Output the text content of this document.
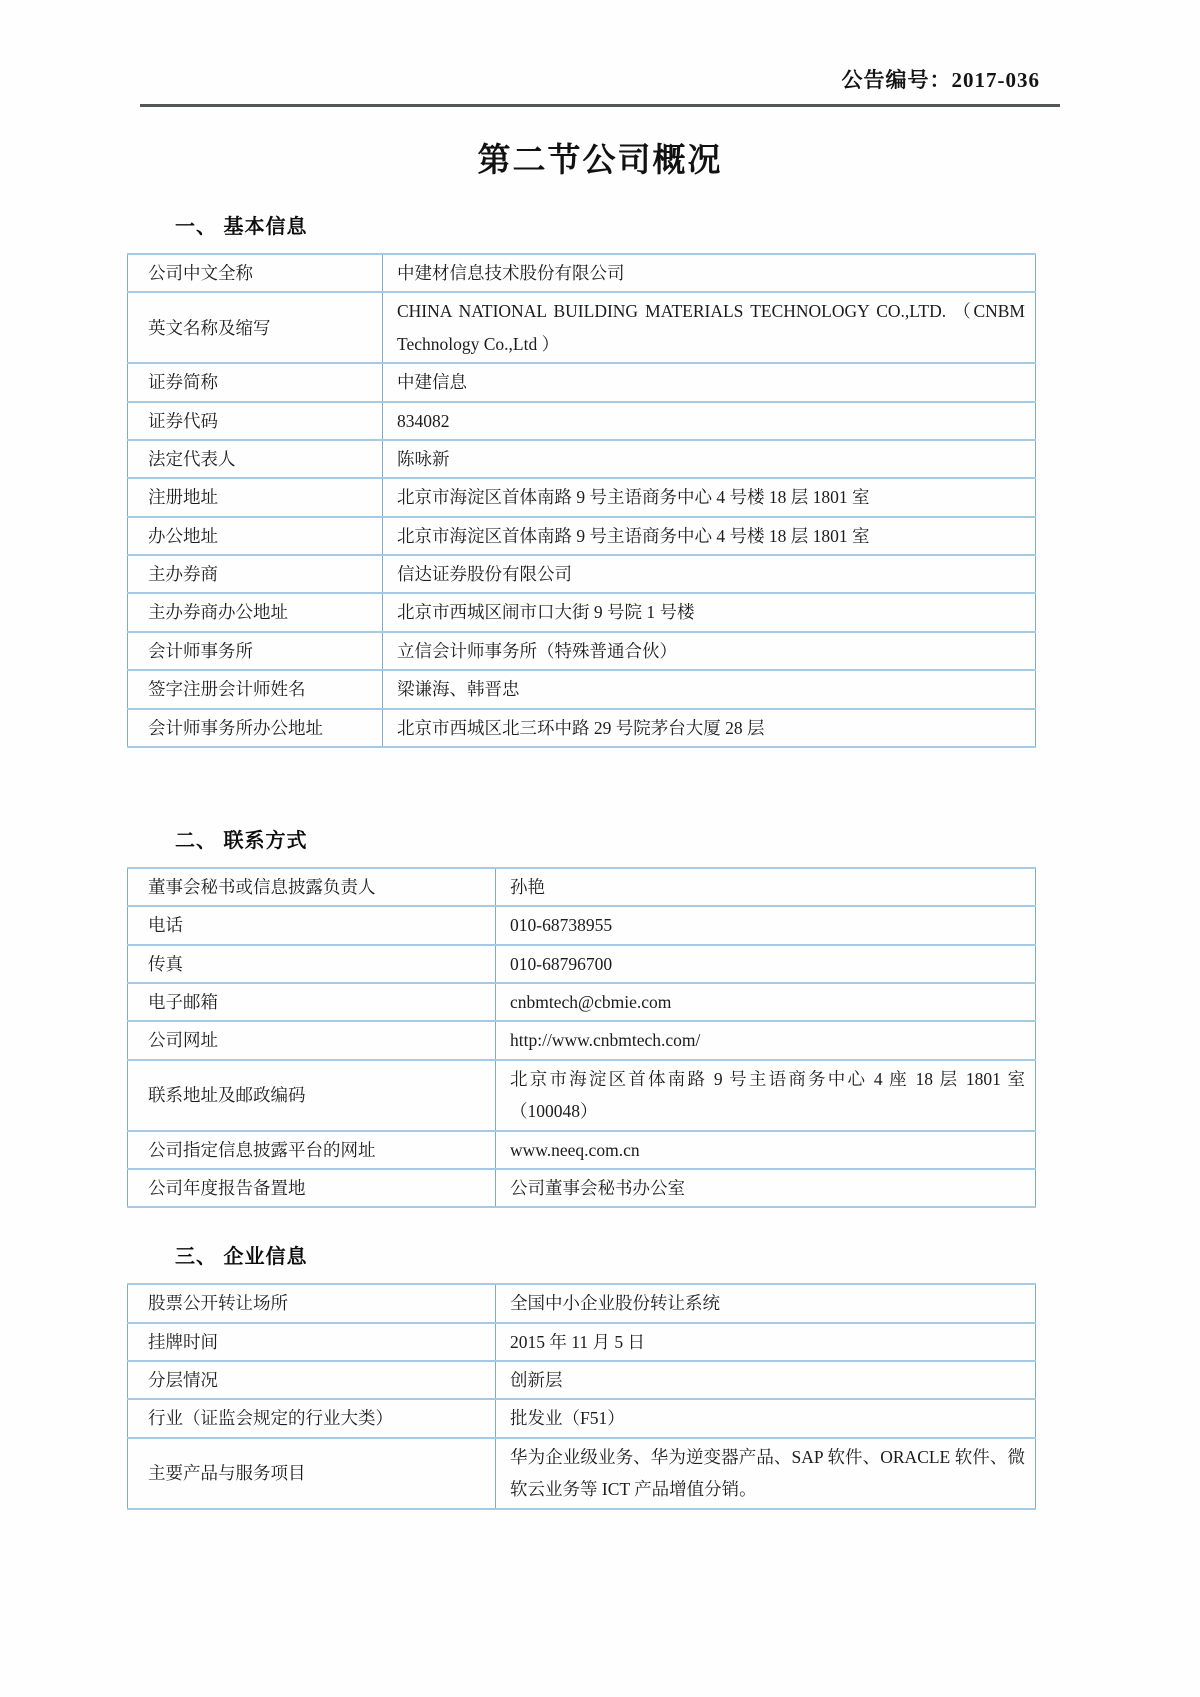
公告编号：2017-036
第二节公司概况
一、 基本信息
公司中文全称	中建材信息技术股份有限公司
英文名称及缩写	CHINA NATIONAL BUILDING MATERIALS TECHNOLOGY CO.,LTD. （CNBM Technology Co.,Ltd ）
证券简称	中建信息
证券代码	834082
法定代表人	陈咏新
注册地址	北京市海淀区首体南路 9 号主语商务中心 4 号楼 18 层 1801 室
办公地址	北京市海淀区首体南路 9 号主语商务中心 4 号楼 18 层 1801 室
主办券商	信达证券股份有限公司
主办券商办公地址	北京市西城区闹市口大街 9 号院 1 号楼
会计师事务所	立信会计师事务所（特殊普通合伙）
签字注册会计师姓名	梁谦海、韩晋忠
会计师事务所办公地址	北京市西城区北三环中路 29 号院茅台大厦 28 层
二、 联系方式
董事会秘书或信息披露负责人	孙艳
电话	010-68738955
传真	010-68796700
电子邮箱	cnbmtech@cbmie.com
公司网址	http://www.cnbmtech.com/
联系地址及邮政编码	北京市海淀区首体南路 9 号主语商务中心 4 座 18 层 1801 室（100048）
公司指定信息披露平台的网址	www.neeq.com.cn
公司年度报告备置地	公司董事会秘书办公室
三、 企业信息
股票公开转让场所	全国中小企业股份转让系统
挂牌时间	2015 年 11 月 5 日
分层情况	创新层
行业（证监会规定的行业大类）	批发业（F51）
主要产品与服务项目	华为企业级业务、华为逆变器产品、SAP 软件、ORACLE 软件、微软云业务等 ICT 产品增值分销。
